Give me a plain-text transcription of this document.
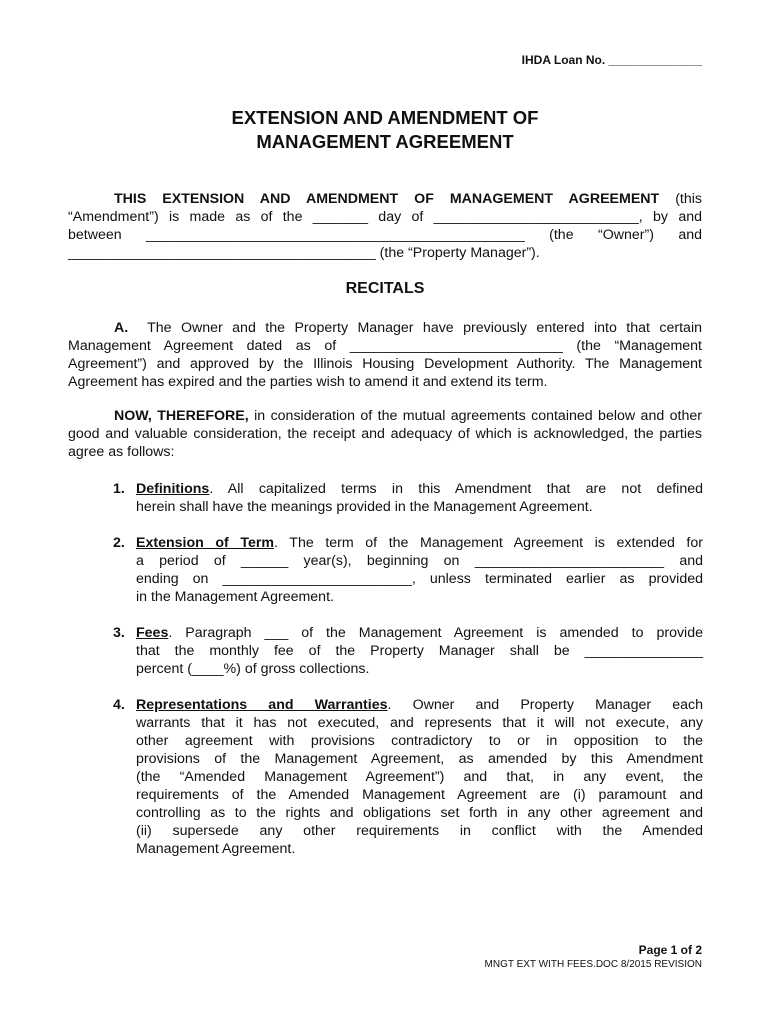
IHDA Loan No. ______________
EXTENSION AND AMENDMENT OF
MANAGEMENT AGREEMENT
THIS EXTENSION AND AMENDMENT OF MANAGEMENT AGREEMENT (this
“Amendment”) is made as of the _______ day of __________________________, by and
between ________________________________________________ (the “Owner”) and
_______________________________________ (the “Property Manager”).
RECITALS
A. The Owner and the Property Manager have previously entered into that certain
Management Agreement dated as of ___________________________ (the “Management
Agreement”) and approved by the Illinois Housing Development Authority. The Management
Agreement has expired and the parties wish to amend it and extend its term.
NOW, THEREFORE, in consideration of the mutual agreements contained below and other
good and valuable consideration, the receipt and adequacy of which is acknowledged, the parties
agree as follows:
1. Definitions. All capitalized terms in this Amendment that are not defined
herein shall have the meanings provided in the Management Agreement.
2. Extension of Term. The term of the Management Agreement is extended for
a period of ______ year(s), beginning on ________________________ and
ending on ________________________, unless terminated earlier as provided
in the Management Agreement.
3. Fees. Paragraph ___ of the Management Agreement is amended to provide
that the monthly fee of the Property Manager shall be _______________
percent (____%) of gross collections.
4. Representations and Warranties. Owner and Property Manager each
warrants that it has not executed, and represents that it will not execute, any
other agreement with provisions contradictory to or in opposition to the
provisions of the Management Agreement, as amended by this Amendment
(the “Amended Management Agreement”) and that, in any event, the
requirements of the Amended Management Agreement are (i) paramount and
controlling as to the rights and obligations set forth in any other agreement and
(ii) supersede any other requirements in conflict with the Amended
Management Agreement.
Page 1 of 2
MNGT EXT WITH FEES.DOC 8/2015 REVISION
